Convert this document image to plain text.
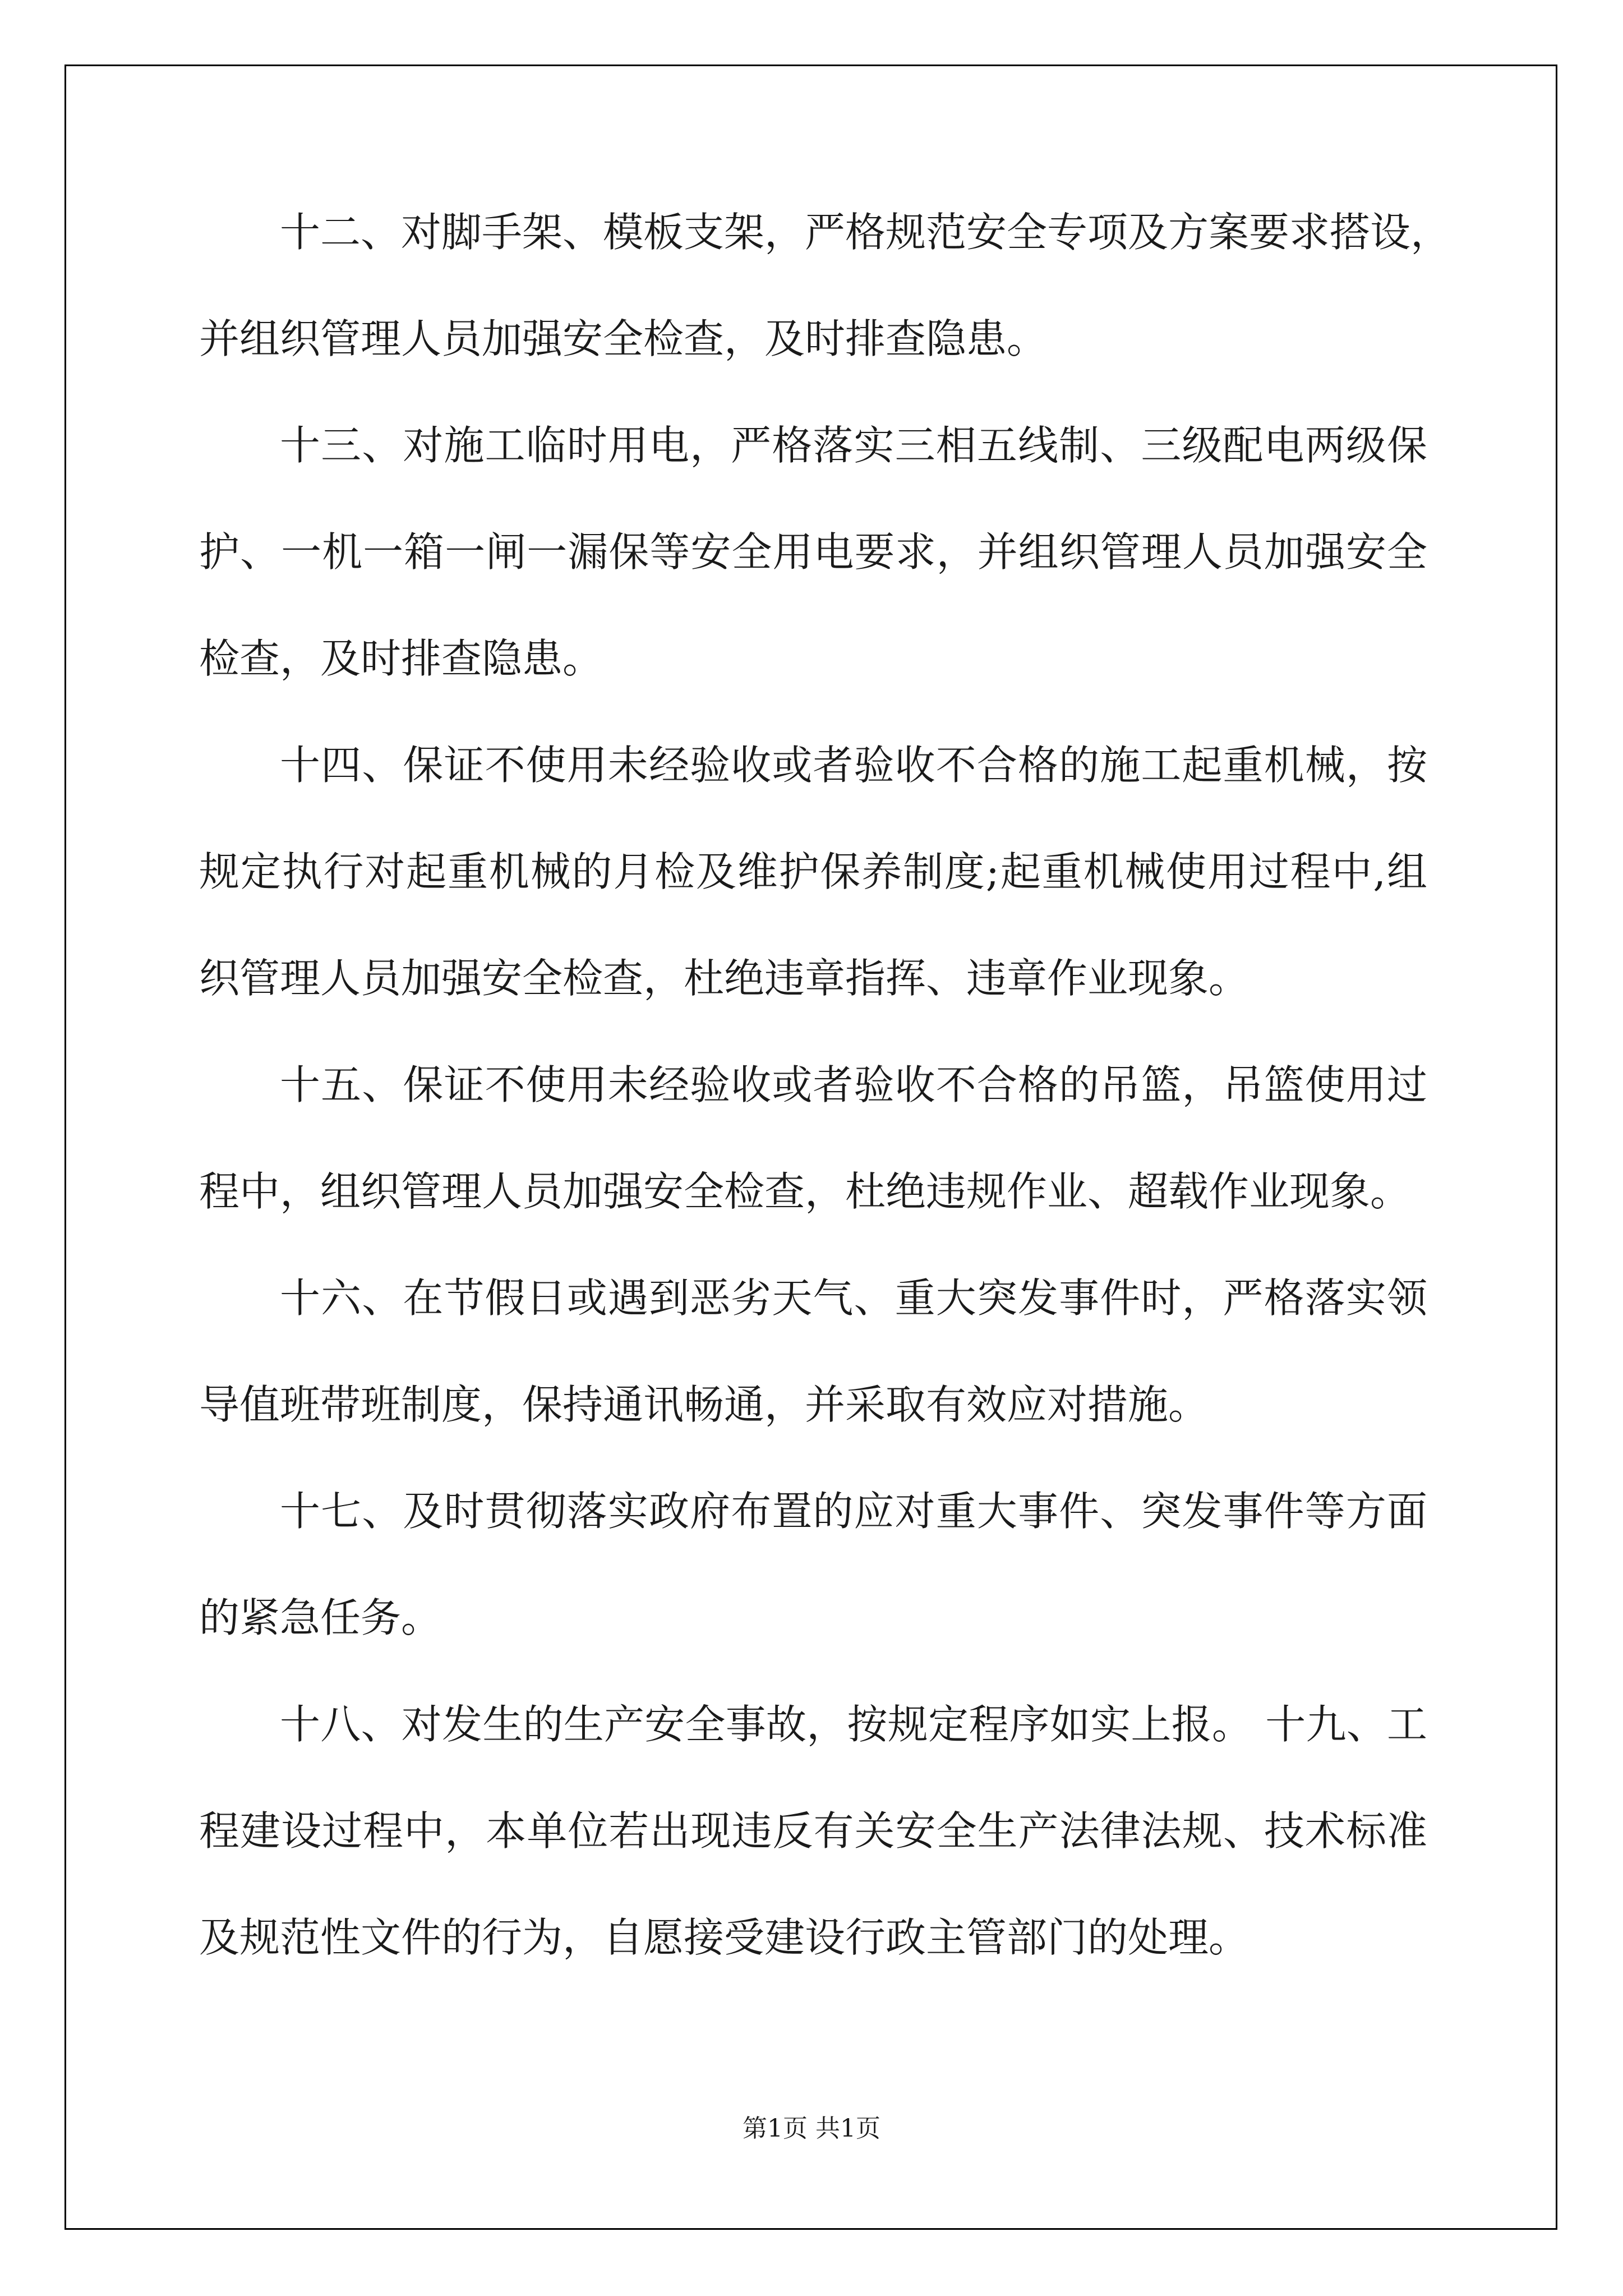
十二、对脚手架、模板支架，严格规范安全专项及方案要求搭设，
并组织管理人员加强安全检查，及时排查隐患。
十三、对施工临时用电，严格落实三相五线制、三级配电两级保
护、一机一箱一闸一漏保等安全用电要求，并组织管理人员加强安全
检查，及时排查隐患。
十四、保证不使用未经验收或者验收不合格的施工起重机械，按
规定执行对起重机械的月检及维护保养制度;起重机械使用过程中,组
织管理人员加强安全检查，杜绝违章指挥、违章作业现象。
十五、保证不使用未经验收或者验收不合格的吊篮，吊篮使用过
程中，组织管理人员加强安全检查，杜绝违规作业、超载作业现象。
十六、在节假日或遇到恶劣天气、重大突发事件时，严格落实领
导值班带班制度，保持通讯畅通，并采取有效应对措施。
十七、及时贯彻落实政府布置的应对重大事件、突发事件等方面
的紧急任务。
十八、对发生的生产安全事故，按规定程序如实上报。 十九、工
程建设过程中，本单位若出现违反有关安全生产法律法规、技术标准
及规范性文件的行为，自愿接受建设行政主管部门的处理。
第1页 共1页
